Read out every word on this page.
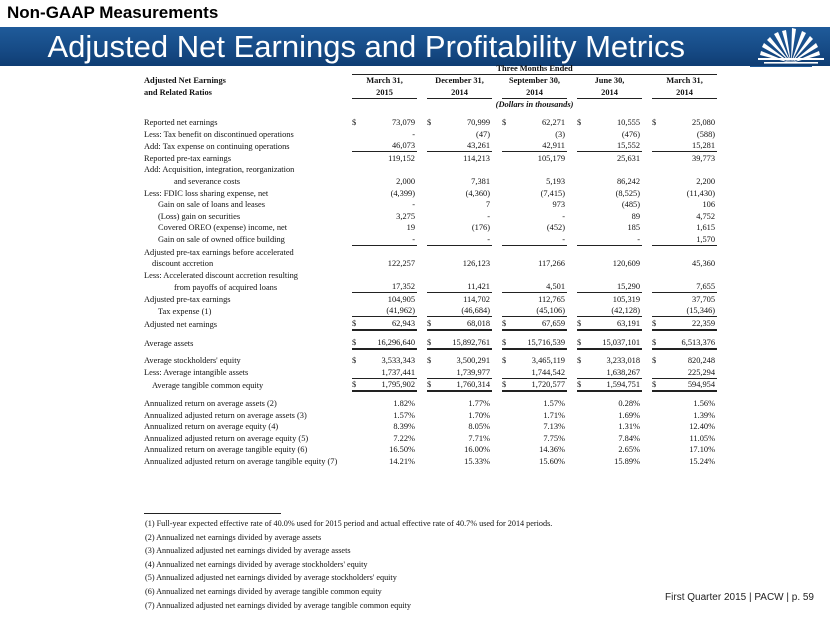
Non-GAAP Measurements
Adjusted Net Earnings and Profitability Metrics
	Three Months Ended													
Adjusted Net Earnings	March 31,			December 31,			September 30,			June 30,			March 31,	
and Related Ratios	2015			2014			2014			2014			2014	
	(Dollars in thousands)													

Reported net earnings	$	73,079		$	70,999		$	62,271		$	10,555		$	25,080
Less: Tax benefit on discontinued operations		-			(47)			(3)			(476)			(588)
Add: Tax expense on continuing operations		46,073			43,261			42,911			15,552			15,281
Reported pre-tax earnings		119,152			114,213			105,179			25,631			39,773
Add: Acquisition, integration, reorganization														
and severance costs		2,000			7,381			5,193			86,242			2,200
Less: FDIC loss sharing expense, net		(4,399)			(4,360)			(7,415)			(8,525)			(11,430)
Gain on sale of loans and leases		-			7			973			(485)			106
(Loss) gain on securities		3,275			-			-			89			4,752
Covered OREO (expense) income, net		19			(176)			(452)			185			1,615
Gain on sale of owned office building		-			-			-			-			1,570
Adjusted pre-tax earnings before accelerated														
discount accretion		122,257			126,123			117,266			120,609			45,360
Less: Accelerated discount accretion resulting														
from payoffs of acquired loans		17,352			11,421			4,501			15,290			7,655
Adjusted pre-tax earnings		104,905			114,702			112,765			105,319			37,705
Tax expense (1)		(41,962)			(46,684)			(45,106)			(42,128)			(15,346)
Adjusted net earnings	$	62,943		$	68,018		$	67,659		$	63,191		$	22,359

Average assets	$	16,296,640		$	15,892,761		$	15,716,539		$	15,037,101		$	6,513,376

Average stockholders' equity	$	3,533,343		$	3,500,291		$	3,465,119		$	3,233,018		$	820,248
Less: Average intangible assets		1,737,441			1,739,977			1,744,542			1,638,267			225,294
Average tangible common equity	$	1,795,902		$	1,760,314		$	1,720,577		$	1,594,751		$	594,954

Annualized return on average assets (2)		1.82%			1.77%			1.57%			0.28%			1.56%
Annualized adjusted return on average assets (3)		1.57%			1.70%			1.71%			1.69%			1.39%
Annualized return on average equity (4)		8.39%			8.05%			7.13%			1.31%			12.40%
Annualized adjusted return on average equity (5)		7.22%			7.71%			7.75%			7.84%			11.05%
Annualized return on average tangible equity (6)		16.50%			16.00%			14.36%			2.65%			17.10%
Annualized adjusted return on average tangible equity (7)		14.21%			15.33%			15.60%			15.89%			15.24%
(1) Full-year expected effective rate of 40.0% used for 2015 period and actual effective rate of 40.7% used for 2014 periods.
(2) Annualized net earnings divided by average assets
(3) Annualized adjusted net earnings divided by average assets
(4) Annualized net earnings divided by average stockholders' equity
(5) Annualized adjusted net earnings divided by average stockholders' equity
(6) Annualized net earnings divided by average tangible common equity
(7) Annualized adjusted net earnings divided by average tangible common equity
First Quarter 2015 | PACW | p. 59
